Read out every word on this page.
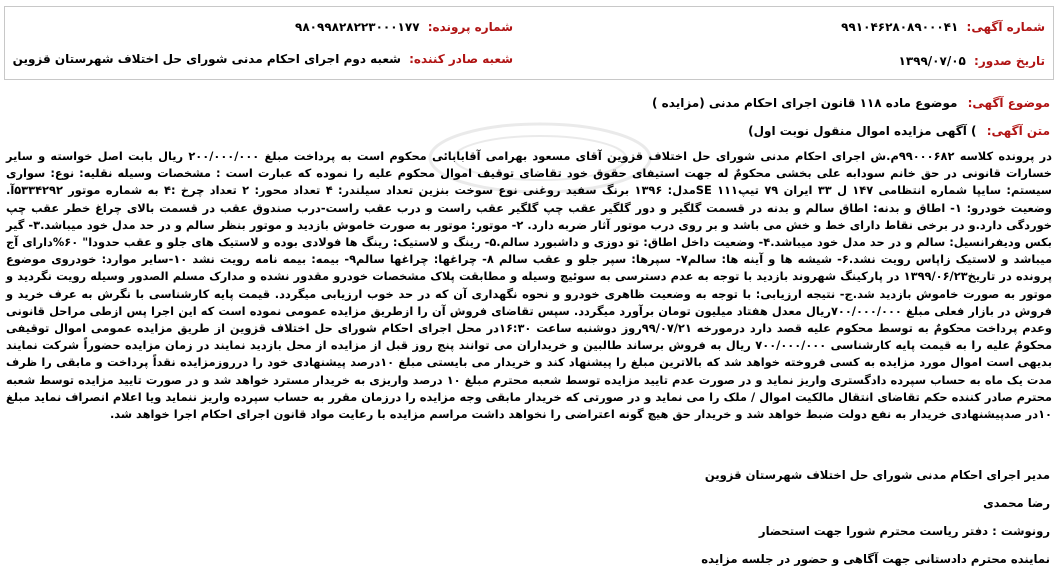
شماره آگهی: ۹۹۱۰۴۶۲۸۰۸۹۰۰۰۴۱
شماره پرونده: ۹۸۰۹۹۸۲۸۲۲۳۰۰۰۱۷۷
تاریخ صدور: ۱۳۹۹/۰۷/۰۵
شعبه صادر کننده: شعبه دوم اجرای احکام مدنی شورای حل اختلاف شهرستان قزوین
موضوع آگهی: موضوع ماده ۱۱۸ قانون اجرای احکام مدنی (مزایده )
متن آگهی: ) آگهی مزایده اموال منقول نوبت اول)
در پرونده کلاسه ۹۹۰۰۰۶۸۲م.ش اجرای احکام مدنی شورای حل اختلاف قزوین آقای مسعود بهرامی آقابابائی محکوم است به پرداخت مبلغ ۲۰۰/۰۰۰/۰۰۰ ریال بابت اصل خواسته و سایر خسارات قانونی در حق خانم سودابه علی بخشی محکومٌ له جهت استیفای حقوق خود تقاضای توقیف اموال محکوم علیه را نموده که عبارت است : مشخصات وسیله نقلیه: نوع: سواری سیستم: سایپا شماره انتظامی ۱۴۷ ل ۳۳ ایران ۷۹ تیپ۱۱۱ SEمدل: ۱۳۹۶ برنگ سفید روغنی نوع سوخت بنزین تعداد سیلندر: ۴ تعداد محور: ۲ تعداد چرخ :۴ به شماره موتور ۵۳۳۴۲۹۲آ. وضعیت خودرو: ۱- اطاق و بدنه: اطاق سالم و بدنه در قسمت گلگیر و دور گلگیر عقب چپ گلگیر عقب راست و درب عقب راست-درب صندوق عقب در قسمت بالای چراغ خطر عقب چپ خوردگی دارد.و در برخی نقاط دارای خط و خش می باشد و بر روی درب موتور آثار ضربه دارد. ۲- موتور: موتور به صورت خاموش بازدید و موتور بنظر سالم و در حد مدل خود میباشد.۳- گیر بکس ودیفرانسیل: سالم و در حد مدل خود میباشد.۴- وضعیت داخل اطاق: تو دوزی و داشبورد سالم.۵- رینگ و لاستیک: رینگ ها فولادی بوده و لاستیک های جلو و عقب حدودا" ۶۰%دارای آج میباشد و لاستیک زاپاس رویت نشد.۶- شیشه ها و آینه ها: سالم۷- سپرها: سپر جلو و عقب سالم ۸- چراغها: چراغها سالم۹- بیمه: بیمه نامه رویت نشد ۱۰-سایر موارد: خودروی موضوع پرونده در تاریخ۱۳۹۹/۰۶/۲۳ در پارکینگ شهروند بازدید با توجه به عدم دسترسی به سوئیچ وسیله و مطابقت پلاک مشخصات خودرو مقدور نشده و مدارک مسلم الصدور وسیله رویت نگردید و موتور به صورت خاموش بازدید شد.ج- نتیجه ارزیابی: با توجه به وضعیت ظاهری خودرو و نحوه نگهداری آن که در حد خوب ارزیابی میگردد. قیمت پایه کارشناسی با نگرش به عرف خرید و فروش در بازار فعلی مبلغ ۷۰۰/۰۰۰/۰۰۰ریال معدل هفتاد میلیون تومان برآورد میگردد. سپس تقاضای فروش آن را ازطریق مزایده عمومی نموده است که این اجرا پس ازطی مراحل قانونی وعدم پرداخت محکومٌ به توسط محکوم علیه قصد دارد درمورخه ۹۹/۰۷/۲۱روز دوشنبه ساعت ۱۶:۳۰در محل اجرای احکام شورای حل اختلاف قزوین از طریق مزایده عمومی اموال توقیفی محکومٌ علیه را به قیمت پایه کارشناسی ۷۰۰/۰۰۰/۰۰۰ ریال به فروش برساند طالبین و خریداران می توانند پنج روز قبل از مزایده از محل بازدید نمایند در زمان مزایده حضوراً شرکت نمایند بدیهی است اموال مورد مزایده به کسی فروخته خواهد شد که بالاترین مبلغ را پیشنهاد کند و خریدار می بایستی مبلغ ۱۰درصد پیشنهادی خود را درروزمزایده نقداً پرداخت و مابقی را ظرف مدت یک ماه به حساب سپرده دادگستری واریز نماید و در صورت عدم تایید مزایده توسط شعبه محترم مبلغ ۱۰ درصد واریزی به خریدار مسترد خواهد شد و در صورت تایید مزایده توسط شعبه محترم صادر کننده حکم تقاضای انتقال مالکیت اموال / ملک را می نماید و در صورتی که خریدار مابقی وجه مزایده را درزمان مقرر به حساب سپرده واریز ننماید ویا اعلام انصراف نماید مبلغ ۱۰در صدپیشنهادی خریدار به نفع دولت ضبط خواهد شد و خریدار حق هیچ گونه اعتراضی را نخواهد داشت مراسم مزایده با رعایت مواد قانون اجرای احکام اجرا خواهد شد.
مدیر اجرای احکام مدنی شورای حل اختلاف شهرستان قزوین
رضا محمدی
رونوشت : دفتر ریاست محترم شورا جهت استحضار
نماینده محترم دادستانی جهت آگاهی و حضور در جلسه مزایده
